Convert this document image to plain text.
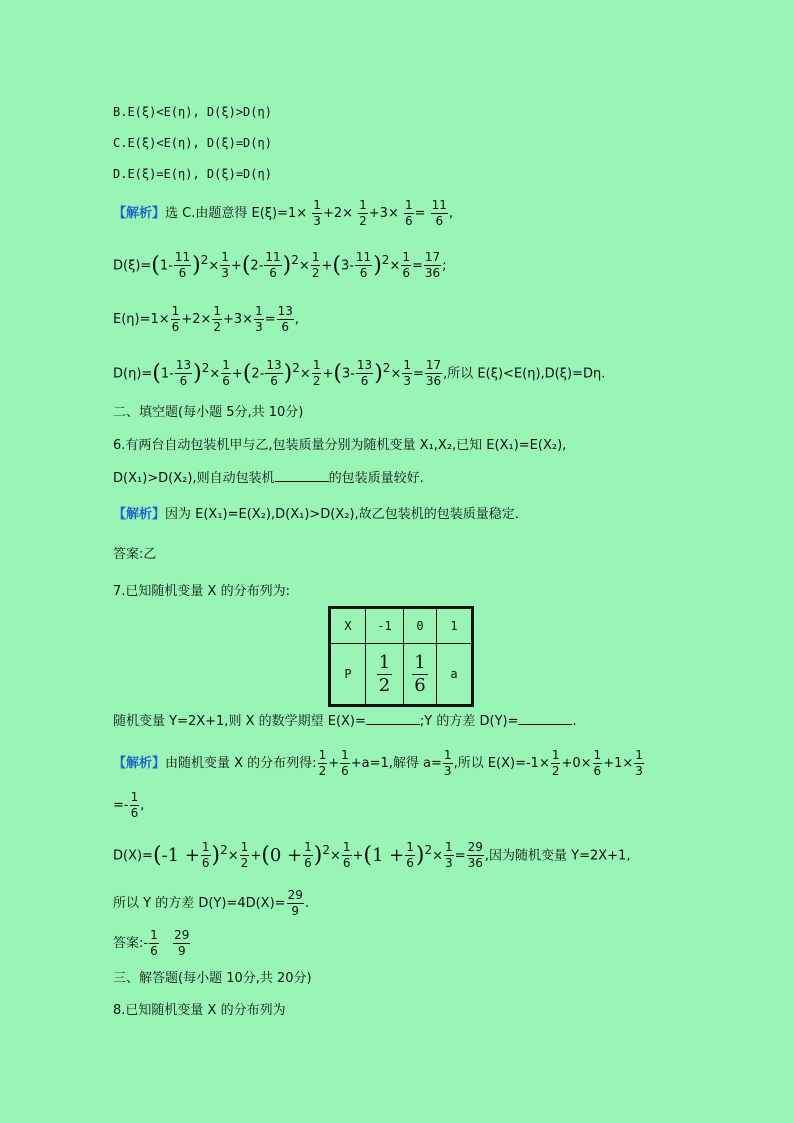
B.E(ξ)<E(η), D(ξ)>D(η)
C.E(ξ)<E(η), D(ξ)=D(η)
D.E(ξ)=E(η), D(ξ)=D(η)
【解析】选 C.由题意得 $E(\xi)=1\times \frac{1}{3} +2\times \frac{1}{2} +3\times \frac{1}{6} = \frac{11}{6}$ ,
$D(\xi)=(1- \frac{11}{6} )2\times \frac{1}{3} +(2- \frac{11}{6} )2\times \frac{1}{2} +(3- \frac{11}{6} )2\times \frac{1}{6} = \frac{17}{36}$ ;
$E(\eta)=1\times \frac{1}{6} +2\times \frac{1}{2} +3\times \frac{1}{3} = \frac{13}{6}$ ,
$D(\eta)=(1- \frac{13}{6} )2\times \frac{1}{6} +(2- \frac{13}{6} )2\times \frac{1}{2} +(3- \frac{13}{6} )2\times \frac{1}{3} = \frac{17}{36}$ ,所以 E(ξ)<E(η),D(ξ)=Dη.
二、填空题(每小题 5分,共 10分)
6.有两台自动包装机甲与乙,包装质量分别为随机变量 X₁,X₂,已知 E(X₁)=E(X₂),
D(X₁)>D(X₂),则自动包装机	的包装质量较好.
【解析】因为 E(X₁)=E(X₂),D(X₁)>D(X₂),故乙包装机的包装质量稳定.
答案:乙
7.已知随机变量 X 的分布列为:
X	-1	0	1
P	$\frac{1}{2}$	$\frac{1}{6}$	a
随机变量 Y=2X+1,则 X 的数学期望 E(X)=	;Y 的方差 D(Y)=	.
【解析】由随机变量 X 的分布列得: $\frac{1}{2} + \frac{1}{6} +a=1$,解得 $a= \frac{1}{3}$ ,所以 $E(X)=-1\times \frac{1}{2} +0\times \frac{1}{6} +1\times \frac{1}{3}$
=- $\frac{1}{6}$ ,
$D(X)=(-1 + \frac{1}{6} )2\times \frac{1}{2} +(0 + \frac{1}{6} )2\times \frac{1}{6} +(1 + \frac{1}{6} )2\times \frac{1}{3} = \frac{29}{36}$ ,因为随机变量 Y=2X+1,
所以 Y 的方差 $D(Y)=4D(X)= \frac{29}{9}$ .
答案:- $\frac{1}{6}$
$\frac{29}{9}$
三、解答题(每小题 10分,共 20分)
8.已知随机变量 X 的分布列为
